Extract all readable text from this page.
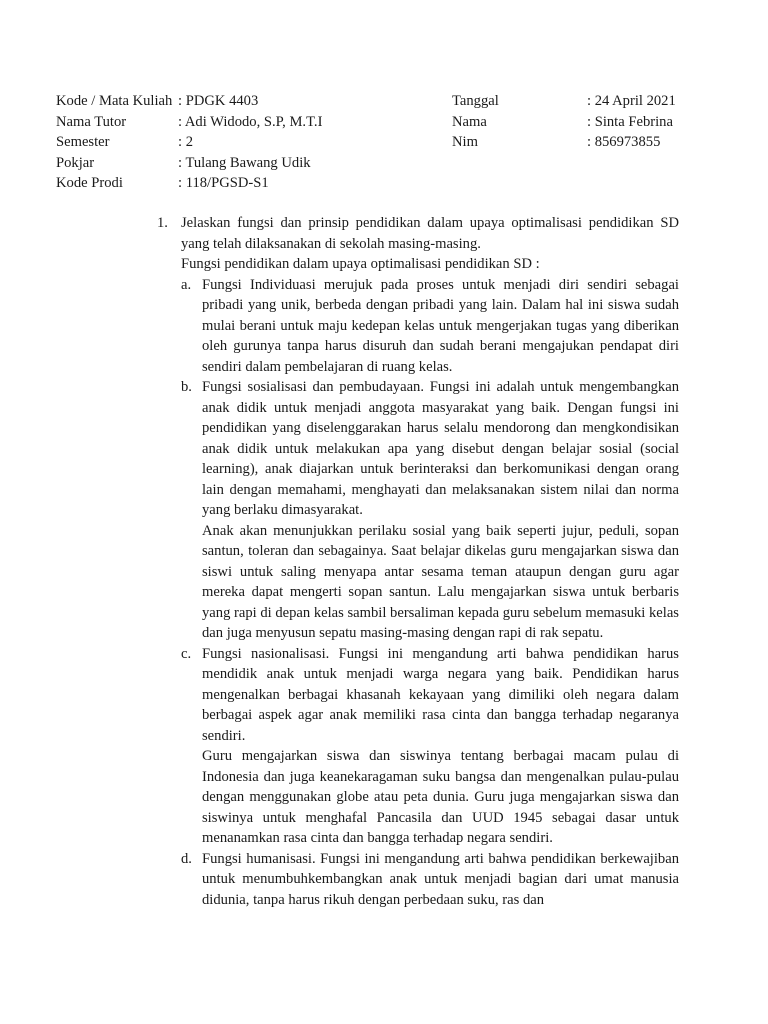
Kode / Mata Kuliah : PDGK 4403	Tanggal	: 24 April 2021
Nama Tutor	: Adi Widodo, S.P, M.T.I	Nama	: Sinta Febrina
Semester	: 2	Nim	: 856973855
Pokjar	: Tulang Bawang Udik
Kode Prodi	: 118/PGSD-S1
1. Jelaskan fungsi dan prinsip pendidikan dalam upaya optimalisasi pendidikan SD yang telah dilaksanakan di sekolah masing-masing.

Fungsi pendidikan dalam upaya optimalisasi pendidikan SD :

a. Fungsi Individuasi merujuk pada proses untuk menjadi diri sendiri sebagai pribadi yang unik, berbeda dengan pribadi yang lain. Dalam hal ini siswa sudah mulai berani untuk maju kedepan kelas untuk mengerjakan tugas yang diberikan oleh gurunya tanpa harus disuruh dan sudah berani mengajukan pendapat diri sendiri dalam pembelajaran di ruang kelas.

b. Fungsi sosialisasi dan pembudayaan. Fungsi ini adalah untuk mengembangkan anak didik untuk menjadi anggota masyarakat yang baik. Dengan fungsi ini pendidikan yang diselenggarakan harus selalu mendorong dan mengkondisikan anak didik untuk melakukan apa yang disebut dengan belajar sosial (social learning), anak diajarkan untuk berinteraksi dan berkomunikasi dengan orang lain dengan memahami, menghayati dan melaksanakan sistem nilai dan norma yang berlaku dimasyarakat.

Anak akan menunjukkan perilaku sosial yang baik seperti jujur, peduli, sopan santun, toleran dan sebagainya. Saat belajar dikelas guru mengajarkan siswa dan siswi untuk saling menyapa antar sesama teman ataupun dengan guru agar mereka dapat mengerti sopan santun. Lalu mengajarkan siswa untuk berbaris yang rapi di depan kelas sambil bersaliman kepada guru sebelum memasuki kelas dan juga menyusun sepatu masing-masing dengan rapi di rak sepatu.

c. Fungsi nasionalisasi. Fungsi ini mengandung arti bahwa pendidikan harus mendidik anak untuk menjadi warga negara yang baik. Pendidikan harus mengenalkan berbagai khasanah kekayaan yang dimiliki oleh negara dalam berbagai aspek agar anak memiliki rasa cinta dan bangga terhadap negaranya sendiri.

Guru mengajarkan siswa dan siswinya tentang berbagai macam pulau di Indonesia dan juga keanekaragaman suku bangsa dan mengenalkan pulau-pulau dengan menggunakan globe atau peta dunia. Guru juga mengajarkan siswa dan siswinya untuk menghafal Pancasila dan UUD 1945 sebagai dasar untuk menanamkan rasa cinta dan bangga terhadap negara sendiri.

d. Fungsi humanisasi. Fungsi ini mengandung arti bahwa pendidikan berkewajiban untuk menumbuhkembangkan anak untuk menjadi bagian dari umat manusia didunia, tanpa harus rikuh dengan perbedaan suku, ras dan
